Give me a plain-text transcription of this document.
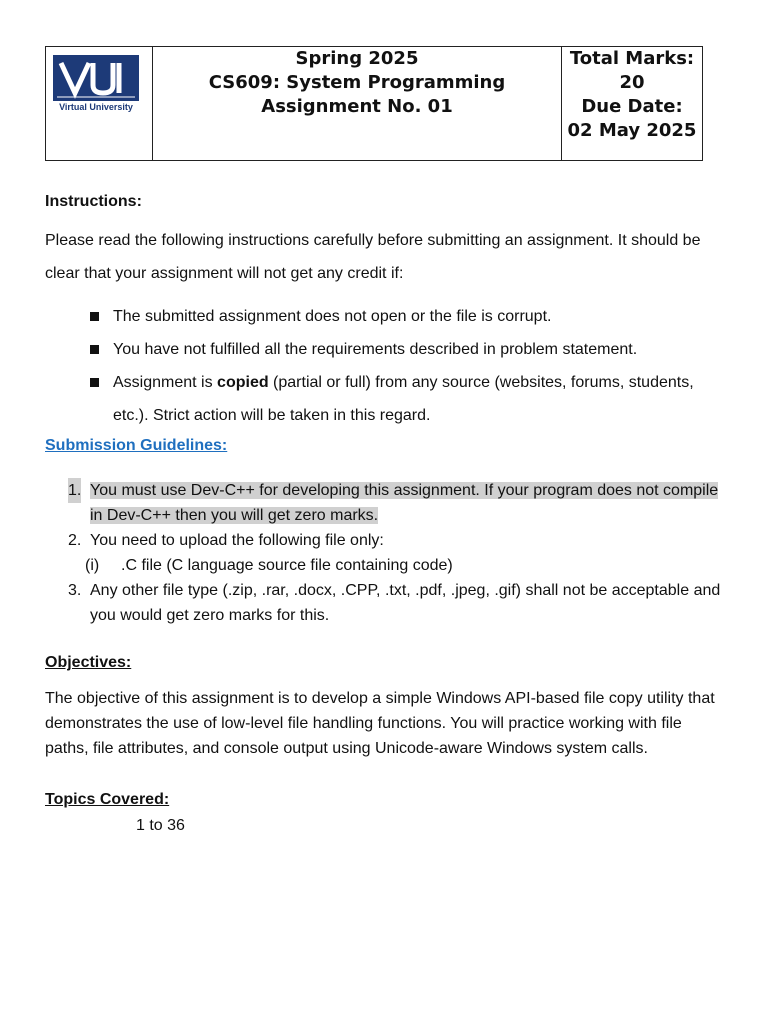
Virtual University
Spring 2025
CS609: System Programming
Assignment No. 01
Total Marks:
20
Due Date:
02 May 2025
Instructions:
Please read the following instructions carefully before submitting an assignment. It should be
clear that your assignment will not get any credit if:
The submitted assignment does not open or the file is corrupt.
You have not fulfilled all the requirements described in problem statement.
Assignment is copied (partial or full) from any source (websites, forums, students,
etc.). Strict action will be taken in this regard.
Submission Guidelines:
1. You must use Dev-C++ for developing this assignment. If your program does not compile
in Dev-C++ then you will get zero marks.
2. You need to upload the following file only:
(i) .C file (C language source file containing code)
3. Any other file type (.zip, .rar, .docx, .CPP, .txt, .pdf, .jpeg, .gif) shall not be acceptable and
you would get zero marks for this.
Objectives:
The objective of this assignment is to develop a simple Windows API-based file copy utility that
demonstrates the use of low-level file handling functions. You will practice working with file
paths, file attributes, and console output using Unicode-aware Windows system calls.
Topics Covered:
1 to 36
